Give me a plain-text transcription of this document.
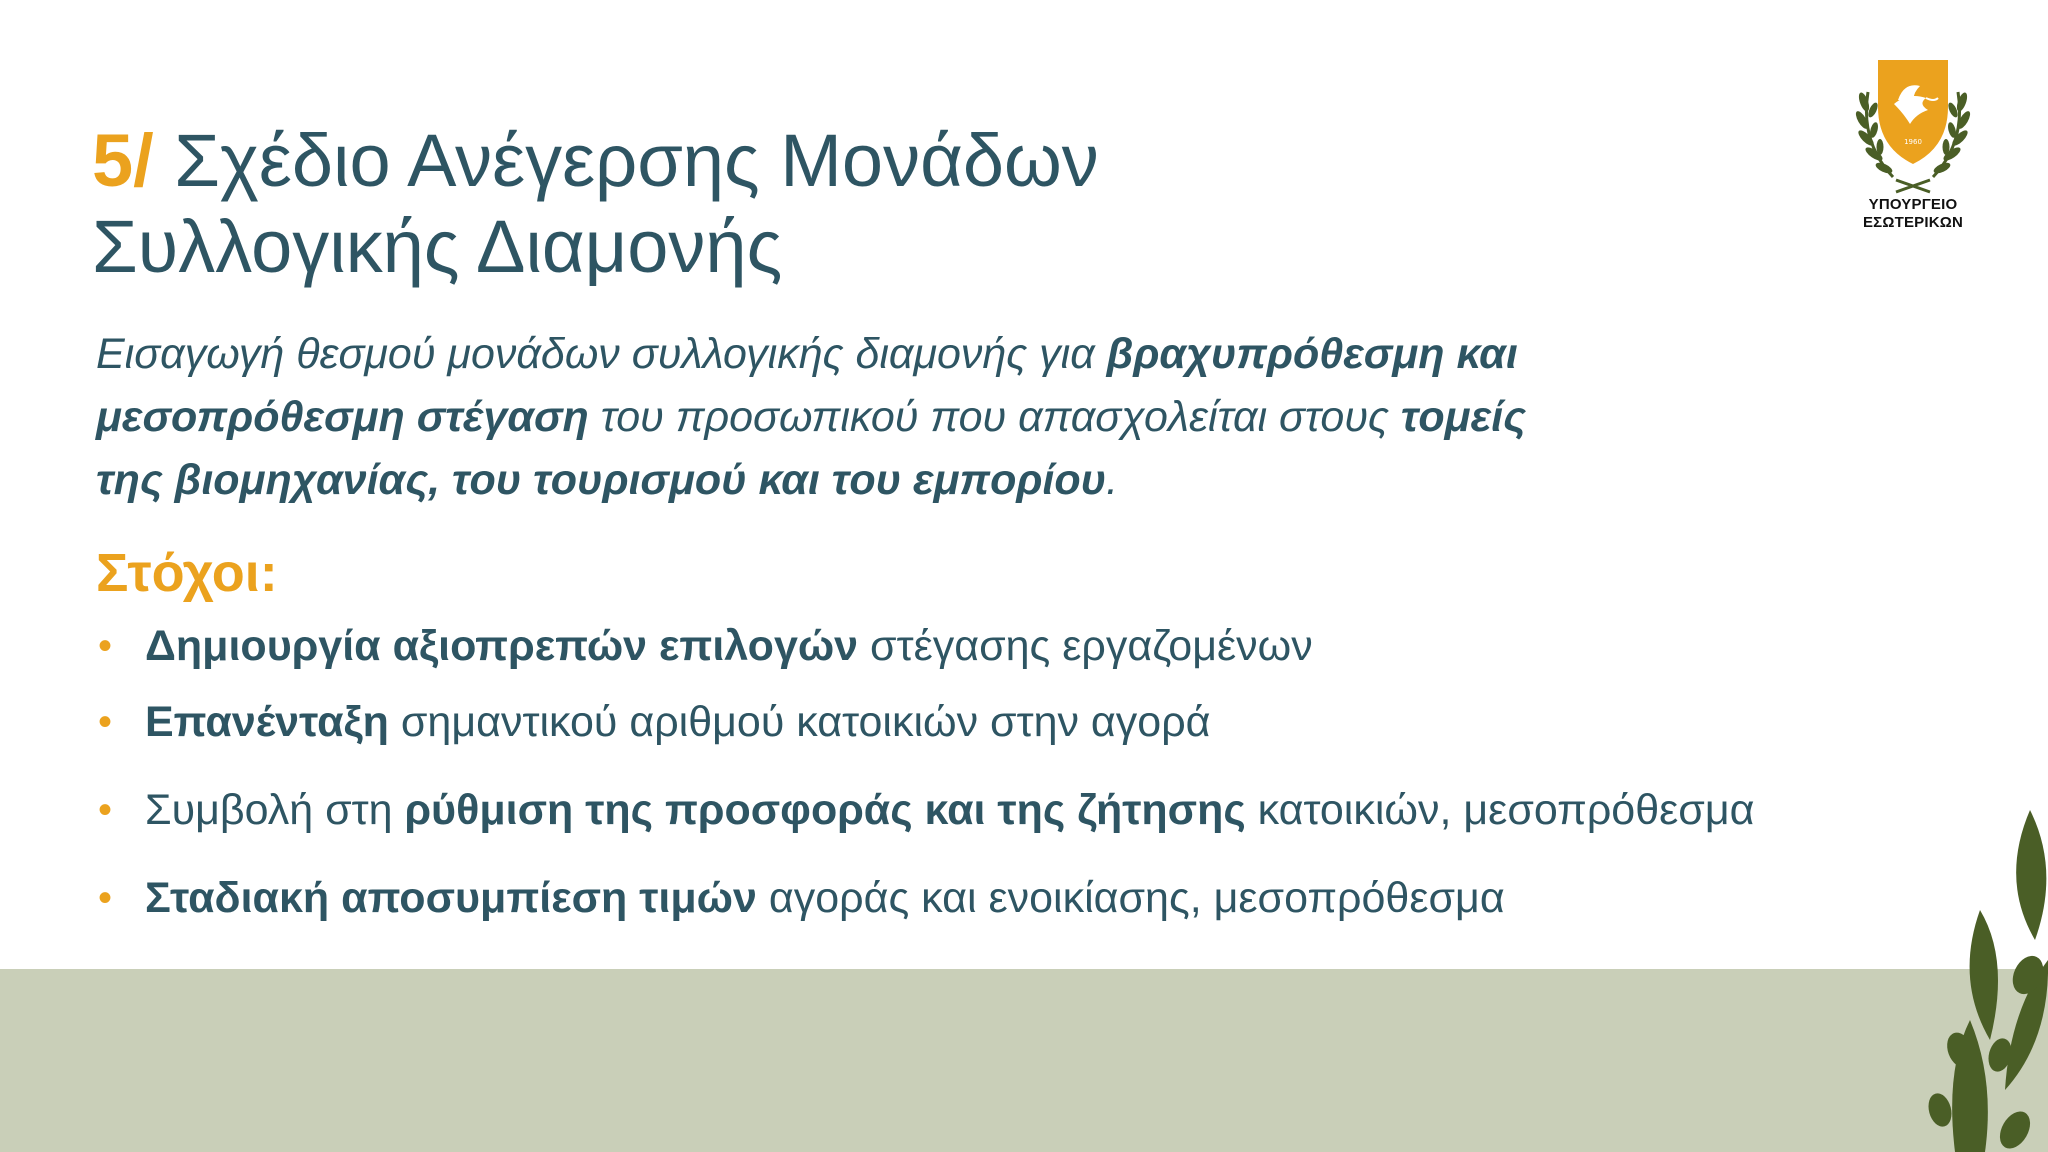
5/ Σχέδιο Ανέγερσης Μονάδων
Συλλογικής Διαμονής
1960
ΥΠΟΥΡΓΕΙΟ
ΕΣΩΤΕΡΙΚΩΝ
Εισαγωγή θεσμού μονάδων συλλογικής διαμονής για βραχυπρόθεσμη και
μεσοπρόθεσμη στέγαση του προσωπικού που απασχολείται στους τομείς
της βιομηχανίας, του τουρισμού και του εμπορίου.
Στόχοι:
• Δημιουργία αξιοπρεπών επιλογών στέγασης εργαζομένων
• Επανένταξη σημαντικού αριθμού κατοικιών στην αγορά
• Συμβολή στη ρύθμιση της προσφοράς και της ζήτησης κατοικιών, μεσοπρόθεσμα
• Σταδιακή αποσυμπίεση τιμών αγοράς και ενοικίασης, μεσοπρόθεσμα
